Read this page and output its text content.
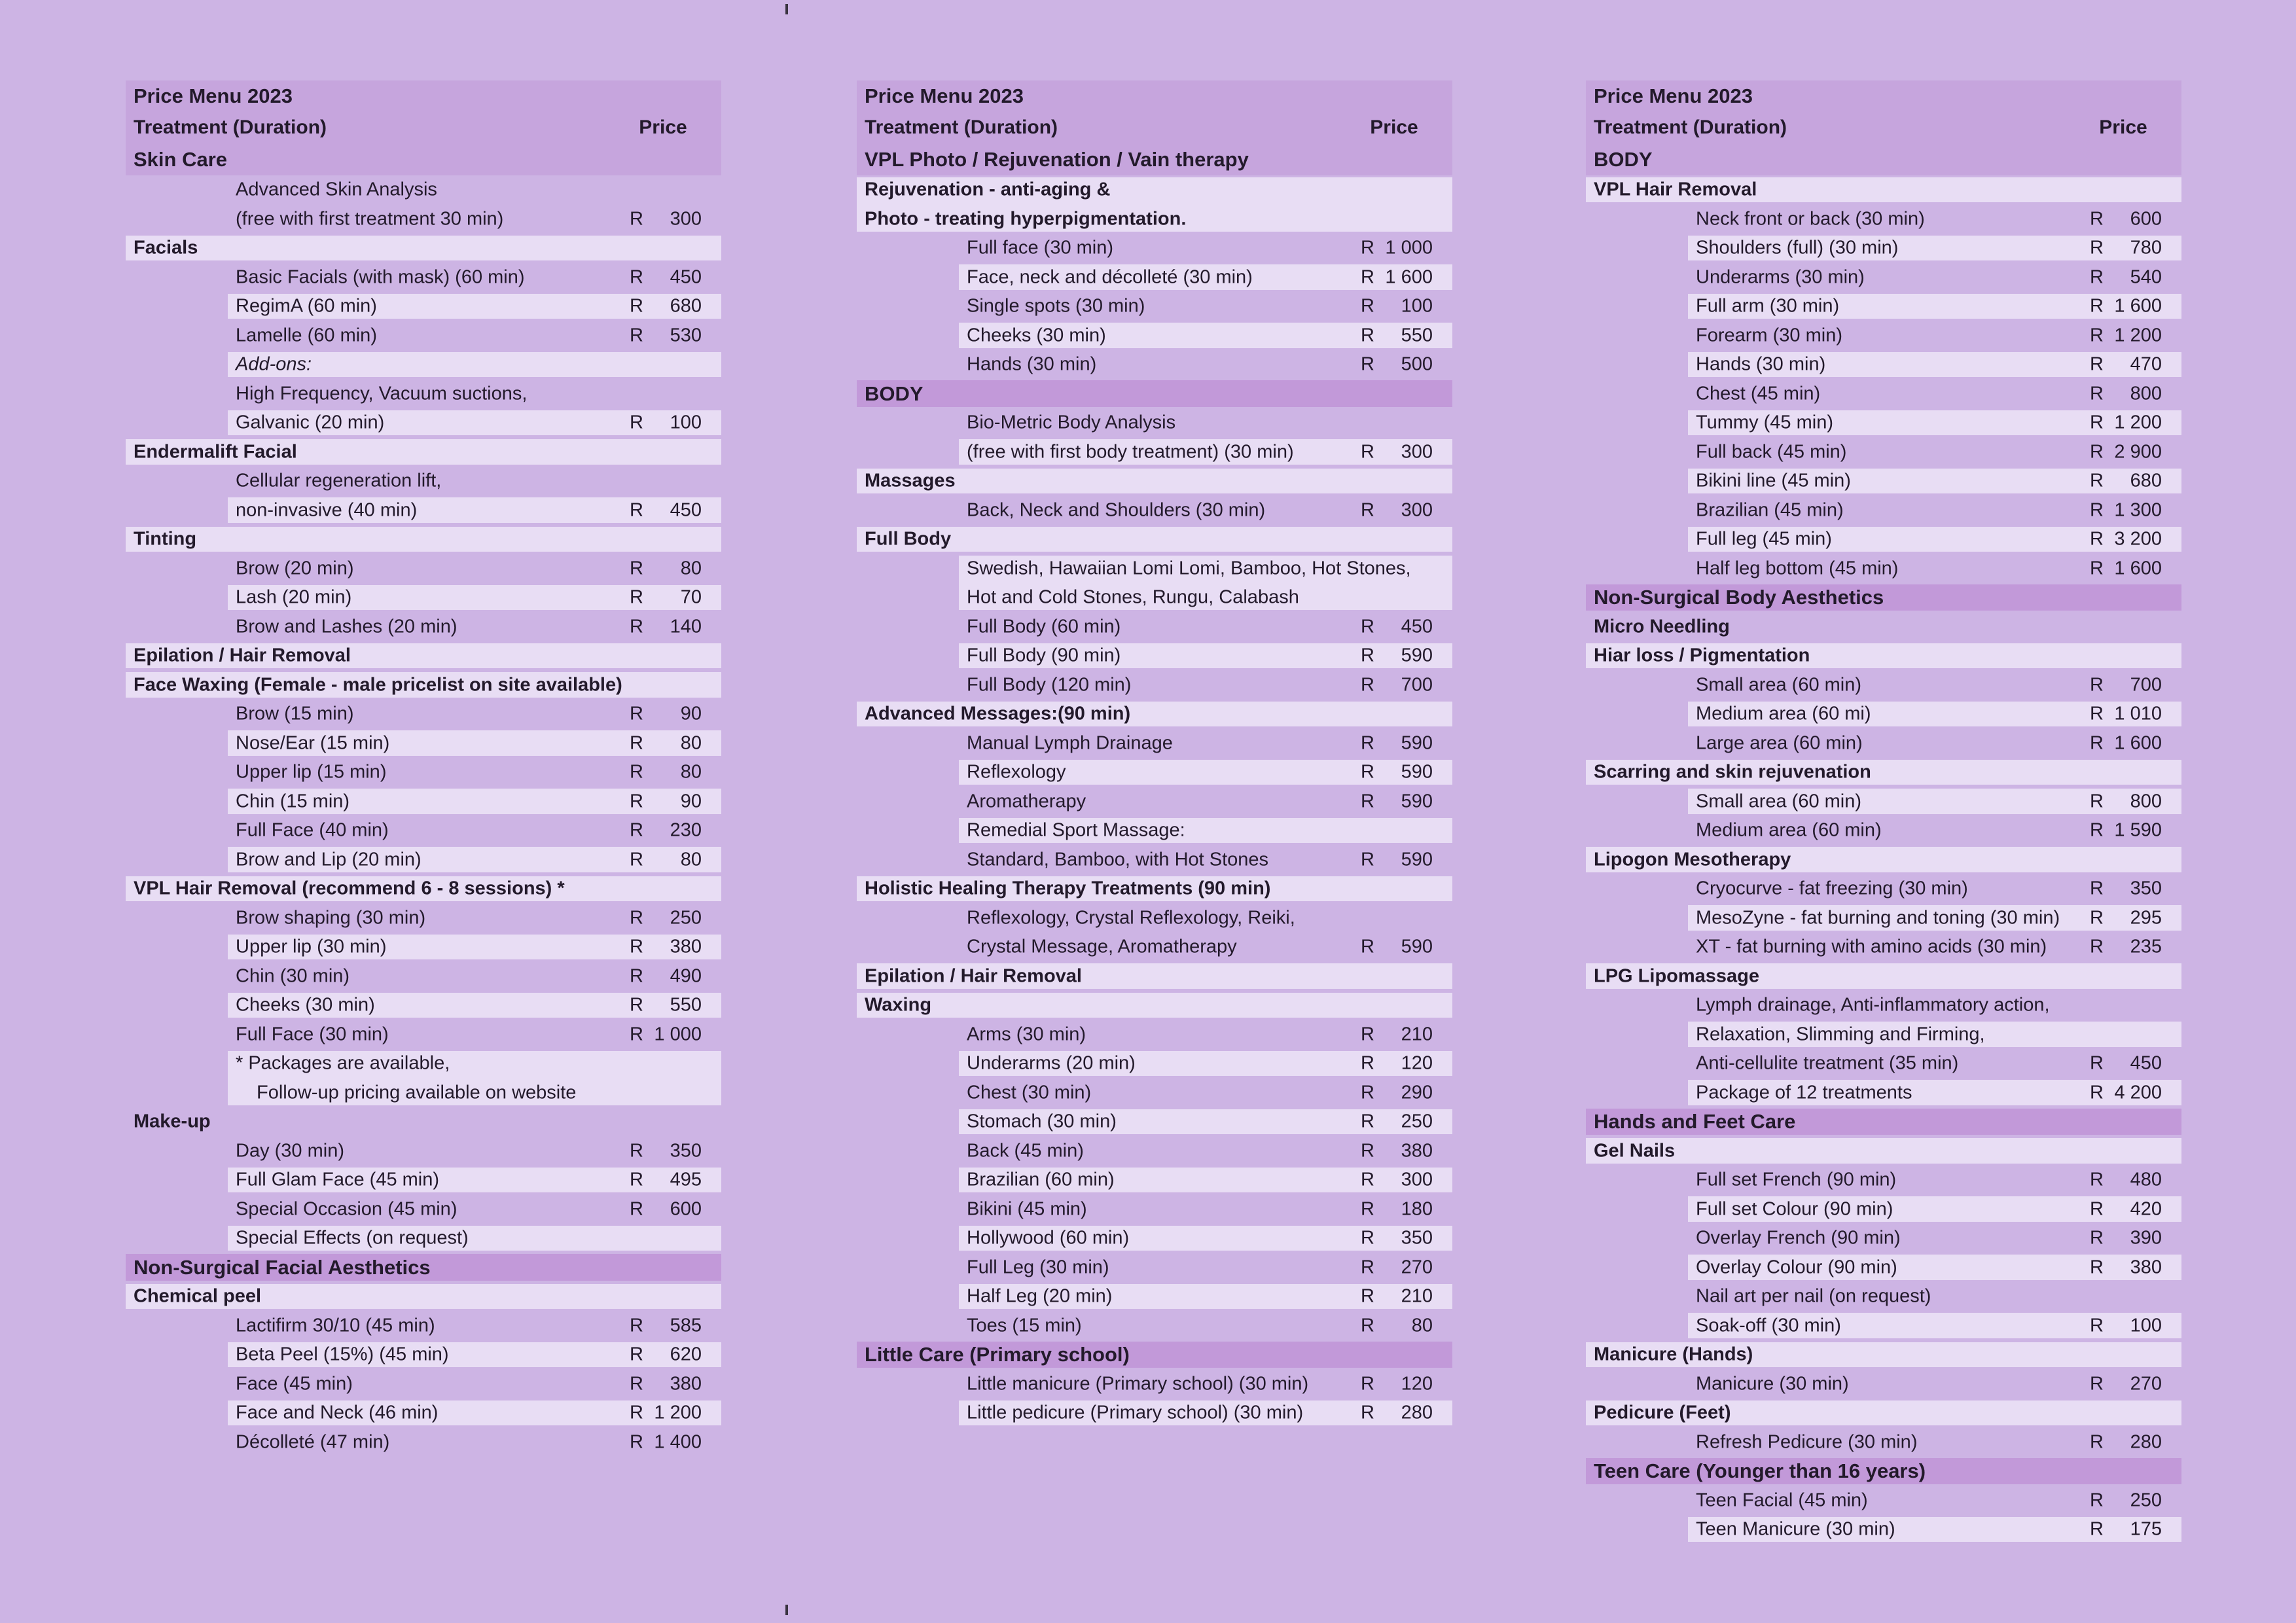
Price Menu 2023
Treatment (Duration)	Price
Skin Care
Advanced Skin Analysis
(free with first treatment 30 min)	R 300
Facials
Basic Facials (with mask) (60 min)	R 450
RegimA (60 min)	R 680
Lamelle (60 min)	R 530
Add-ons:
High Frequency, Vacuum suctions,
Galvanic (20 min)	R 100
Endermalift Facial
Cellular regeneration lift,
non-invasive (40 min)	R 450
Tinting
Brow (20 min)	R 80
Lash (20 min)	R 70
Brow and Lashes (20 min)	R 140
Epilation / Hair Removal
Face Waxing (Female - male pricelist on site available)
Brow (15 min)	R 90
Nose/Ear (15 min)	R 80
Upper lip (15 min)	R 80
Chin (15 min)	R 90
Full Face (40 min)	R 230
Brow and Lip (20 min)	R 80
VPL Hair Removal (recommend 6 - 8 sessions) *
Brow shaping (30 min)	R 250
Upper lip (30 min)	R 380
Chin (30 min)	R 490
Cheeks (30 min)	R 550
Full Face (30 min)	R 1 000
* Packages are available,
Follow-up pricing available on website
Make-up
Day (30 min)	R 350
Full Glam Face (45 min)	R 495
Special Occasion (45 min)	R 600
Special Effects (on request)
Non-Surgical Facial Aesthetics
Chemical peel
Lactifirm 30/10 (45 min)	R 585
Beta Peel (15%) (45 min)	R 620
Face (45 min)	R 380
Face and Neck (46 min)	R 1 200
Décolleté (47 min)	R 1 400
Price Menu 2023
Treatment (Duration)	Price
VPL Photo / Rejuvenation / Vain therapy
Rejuvenation - anti-aging &
Photo - treating hyperpigmentation.
Full face (30 min)	R 1 000
Face, neck and décolleté (30 min)	R 1 600
Single spots (30 min)	R 100
Cheeks (30 min)	R 550
Hands (30 min)	R 500
BODY
Bio-Metric Body Analysis
(free with first body treatment) (30 min)	R 300
Massages
Back, Neck and Shoulders (30 min)	R 300
Full Body
Swedish, Hawaiian Lomi Lomi, Bamboo, Hot Stones,
Hot and Cold Stones, Rungu, Calabash
Full Body (60 min)	R 450
Full Body (90 min)	R 590
Full Body (120 min)	R 700
Advanced Messages:(90 min)
Manual Lymph Drainage	R 590
Reflexology	R 590
Aromatherapy	R 590
Remedial Sport Massage:
Standard, Bamboo, with Hot Stones	R 590
Holistic Healing Therapy Treatments (90 min)
Reflexology, Crystal Reflexology, Reiki,
Crystal Message, Aromatherapy	R 590
Epilation / Hair Removal
Waxing
Arms (30 min)	R 210
Underarms (20 min)	R 120
Chest (30 min)	R 290
Stomach (30 min)	R 250
Back (45 min)	R 380
Brazilian (60 min)	R 300
Bikini (45 min)	R 180
Hollywood (60 min)	R 350
Full Leg (30 min)	R 270
Half Leg (20 min)	R 210
Toes (15 min)	R 80
Little Care (Primary school)
Little manicure (Primary school) (30 min)	R 120
Little pedicure (Primary school) (30 min)	R 280
Price Menu 2023
Treatment (Duration)	Price
BODY
VPL Hair Removal
Neck front or back (30 min)	R 600
Shoulders (full) (30 min)	R 780
Underarms (30 min)	R 540
Full arm (30 min)	R 1 600
Forearm (30 min)	R 1 200
Hands (30 min)	R 470
Chest (45 min)	R 800
Tummy (45 min)	R 1 200
Full back (45 min)	R 2 900
Bikini line (45 min)	R 680
Brazilian (45 min)	R 1 300
Full leg (45 min)	R 3 200
Half leg bottom (45 min)	R 1 600
Non-Surgical Body Aesthetics
Micro Needling
Hiar loss / Pigmentation
Small area (60 min)	R 700
Medium area (60 mi)	R 1 010
Large area (60 min)	R 1 600
Scarring and skin rejuvenation
Small area (60 min)	R 800
Medium area (60 min)	R 1 590
Lipogon Mesotherapy
Cryocurve - fat freezing (30 min)	R 350
MesoZyne - fat burning and toning (30 min) R 295
XT - fat burning with amino acids (30 min) R 235
LPG Lipomassage
Lymph drainage, Anti-inflammatory action,
Relaxation, Slimming and Firming,
Anti-cellulite treatment (35 min)	R 450
Package of 12 treatments	R 4 200
Hands and Feet Care
Gel Nails
Full set French (90 min)	R 480
Full set Colour (90 min)	R 420
Overlay French (90 min)	R 390
Overlay Colour (90 min)	R 380
Nail art per nail (on request)
Soak-off (30 min)	R 100
Manicure (Hands)
Manicure (30 min)	R 270
Pedicure (Feet)
Refresh Pedicure (30 min)	R 280
Teen Care (Younger than 16 years)
Teen Facial (45 min)	R 250
Teen Manicure (30 min)	R 175
